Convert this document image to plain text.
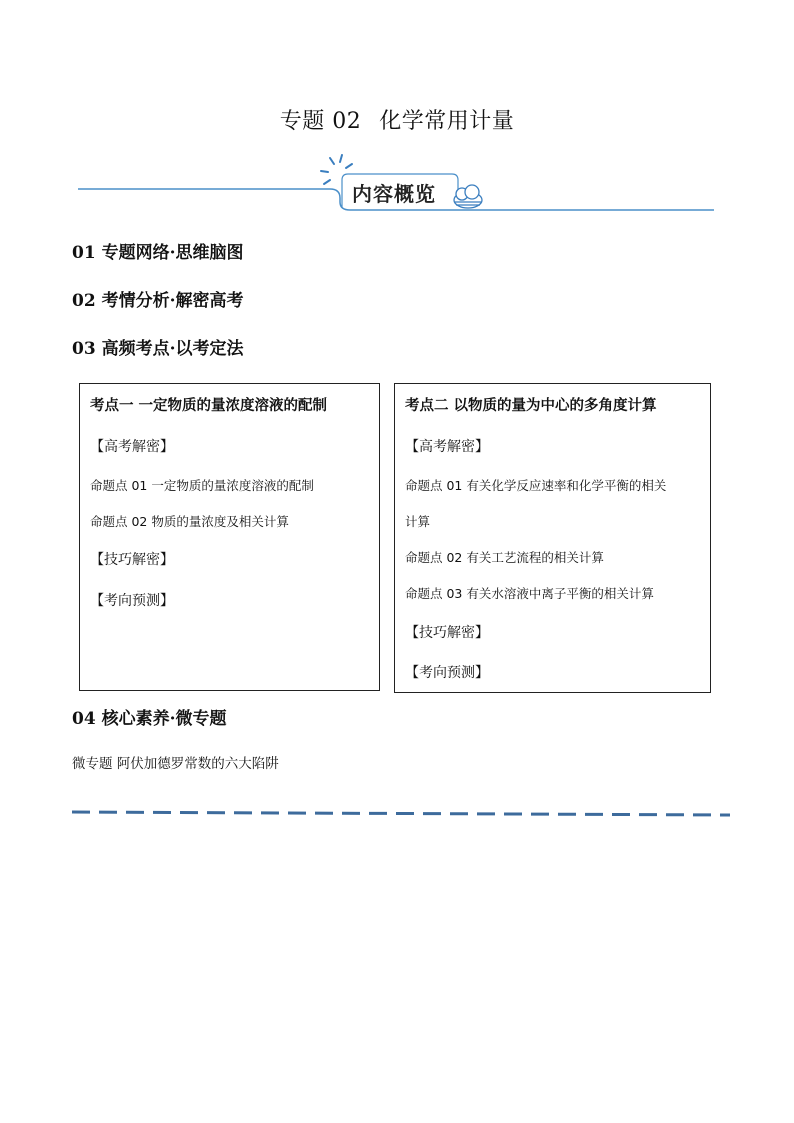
专题 02 化学常用计量
内容概览
01 专题网络·思维脑图
02 考情分析·解密高考
03 高频考点·以考定法
考点一 一定物质的量浓度溶液的配制
【高考解密】
命题点 01 一定物质的量浓度溶液的配制
命题点 02 物质的量浓度及相关计算
【技巧解密】
【考向预测】
考点二 以物质的量为中心的多角度计算
【高考解密】
命题点 01 有关化学反应速率和化学平衡的相关
计算
命题点 02 有关工艺流程的相关计算
命题点 03 有关水溶液中离子平衡的相关计算
【技巧解密】
【考向预测】
04 核心素养·微专题
微专题 阿伏加德罗常数的六大陷阱
